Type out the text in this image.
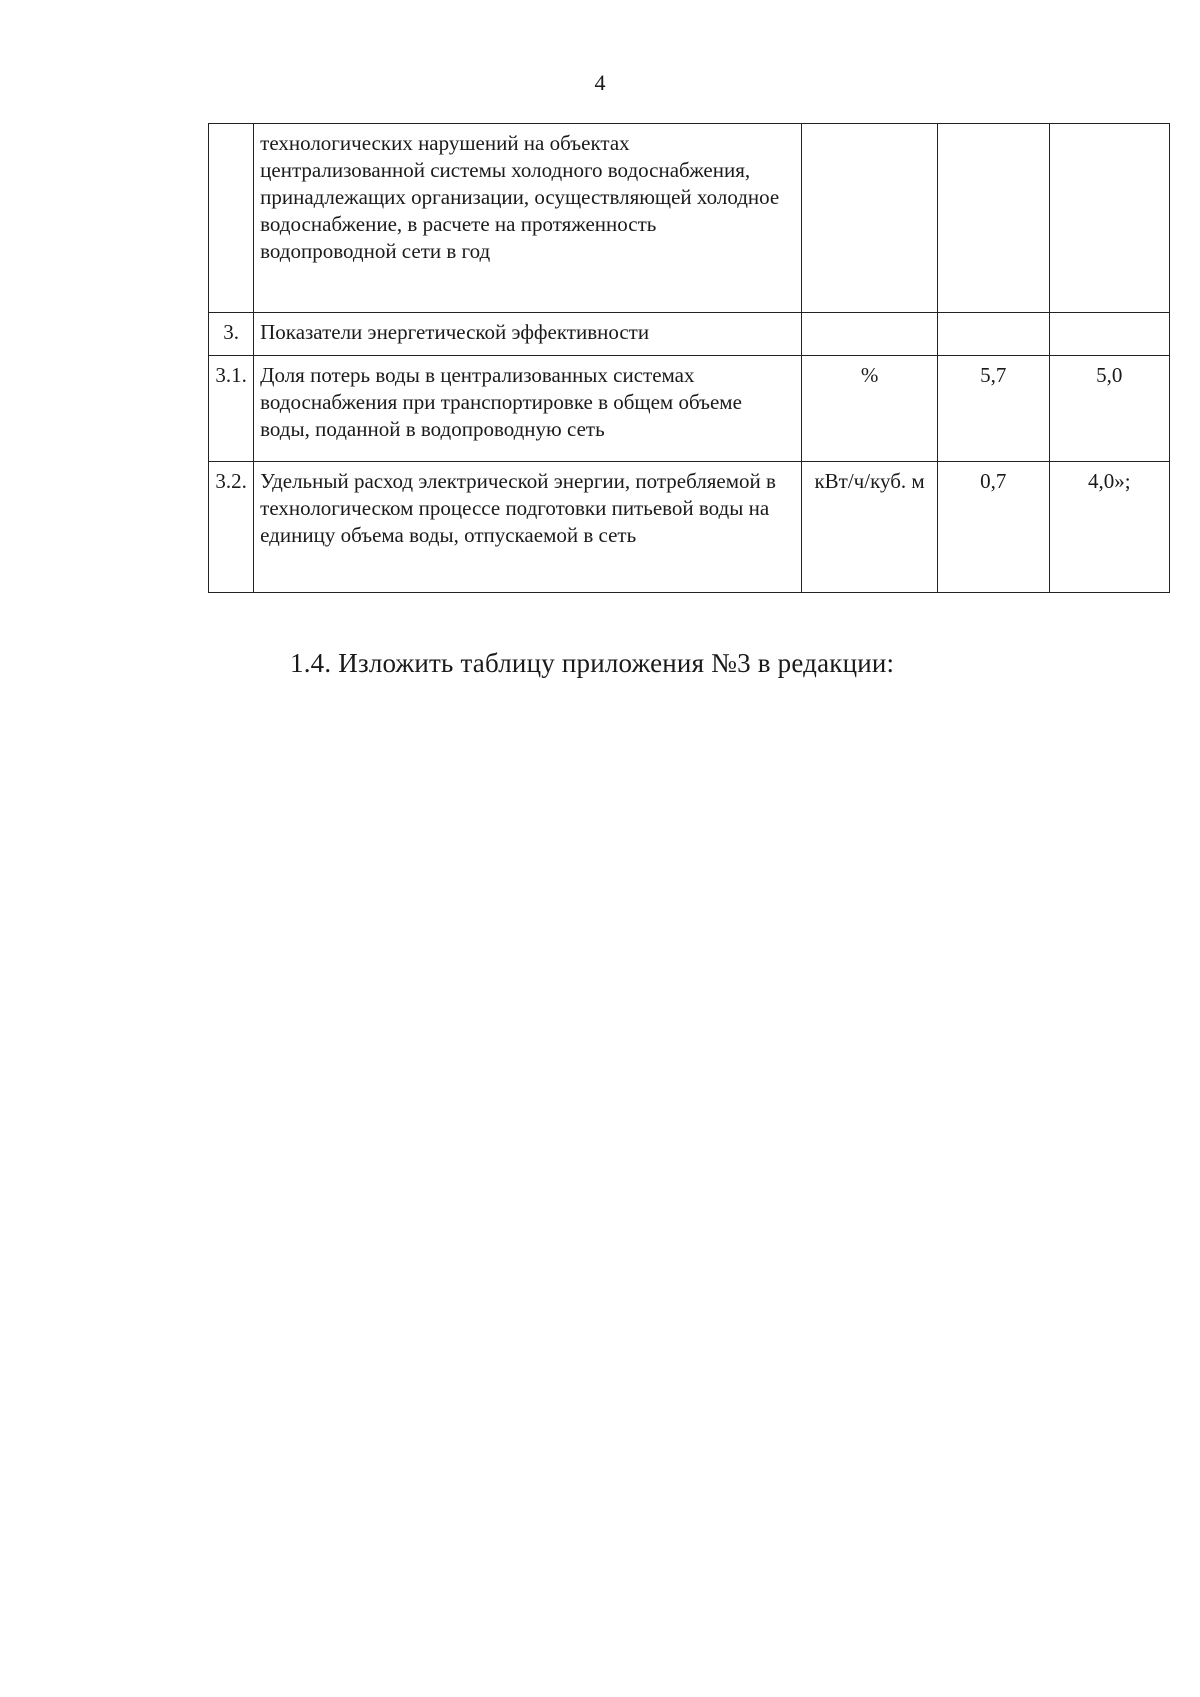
4
	технологических нарушений на объектах централизованной системы холодного водоснабжения, принадлежащих организации, осуществляющей холодное водоснабжение, в расчете на протяженность водопроводной сети в год			
3.	Показатели энергетической эффективности			
3.1.	Доля потерь воды в централизованных системах водоснабжения при транспортировке в общем объеме воды, поданной в водопроводную сеть	%	5,7	5,0
3.2.	Удельный расход электрической энергии, потребляемой в технологическом процессе подготовки питьевой воды на единицу объема воды, отпускаемой в сеть	кВт/ч/куб. м	0,7	4,0»;
1.4. Изложить таблицу приложения №3 в редакции:
